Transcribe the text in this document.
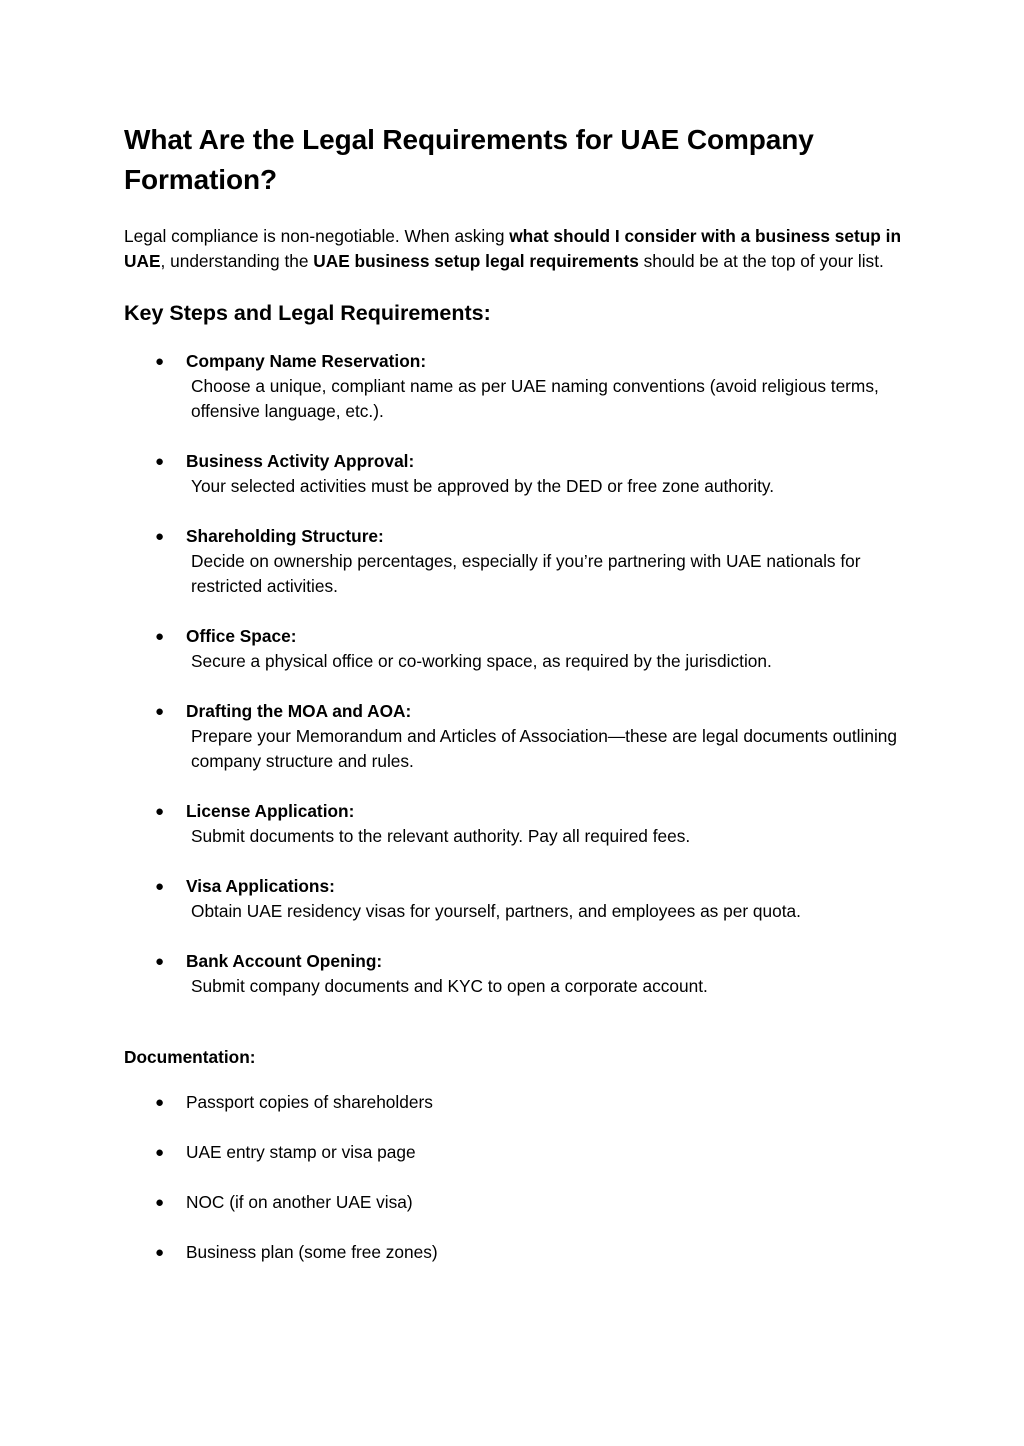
What Are the Legal Requirements for UAE Company Formation?

Legal compliance is non-negotiable. When asking what should I consider with a business setup in UAE, understanding the UAE business setup legal requirements should be at the top of your list.

Key Steps and Legal Requirements:
● Company Name Reservation:
Choose a unique, compliant name as per UAE naming conventions (avoid religious terms, offensive language, etc.).
● Business Activity Approval:
Your selected activities must be approved by the DED or free zone authority.
● Shareholding Structure:
Decide on ownership percentages, especially if you’re partnering with UAE nationals for restricted activities.
● Office Space:
Secure a physical office or co-working space, as required by the jurisdiction.
● Drafting the MOA and AOA:
Prepare your Memorandum and Articles of Association—these are legal documents outlining company structure and rules.
● License Application:
Submit documents to the relevant authority. Pay all required fees.
● Visa Applications:
Obtain UAE residency visas for yourself, partners, and employees as per quota.
● Bank Account Opening:
Submit company documents and KYC to open a corporate account.
Documentation:
● Passport copies of shareholders
● UAE entry stamp or visa page
● NOC (if on another UAE visa)
● Business plan (some free zones)
